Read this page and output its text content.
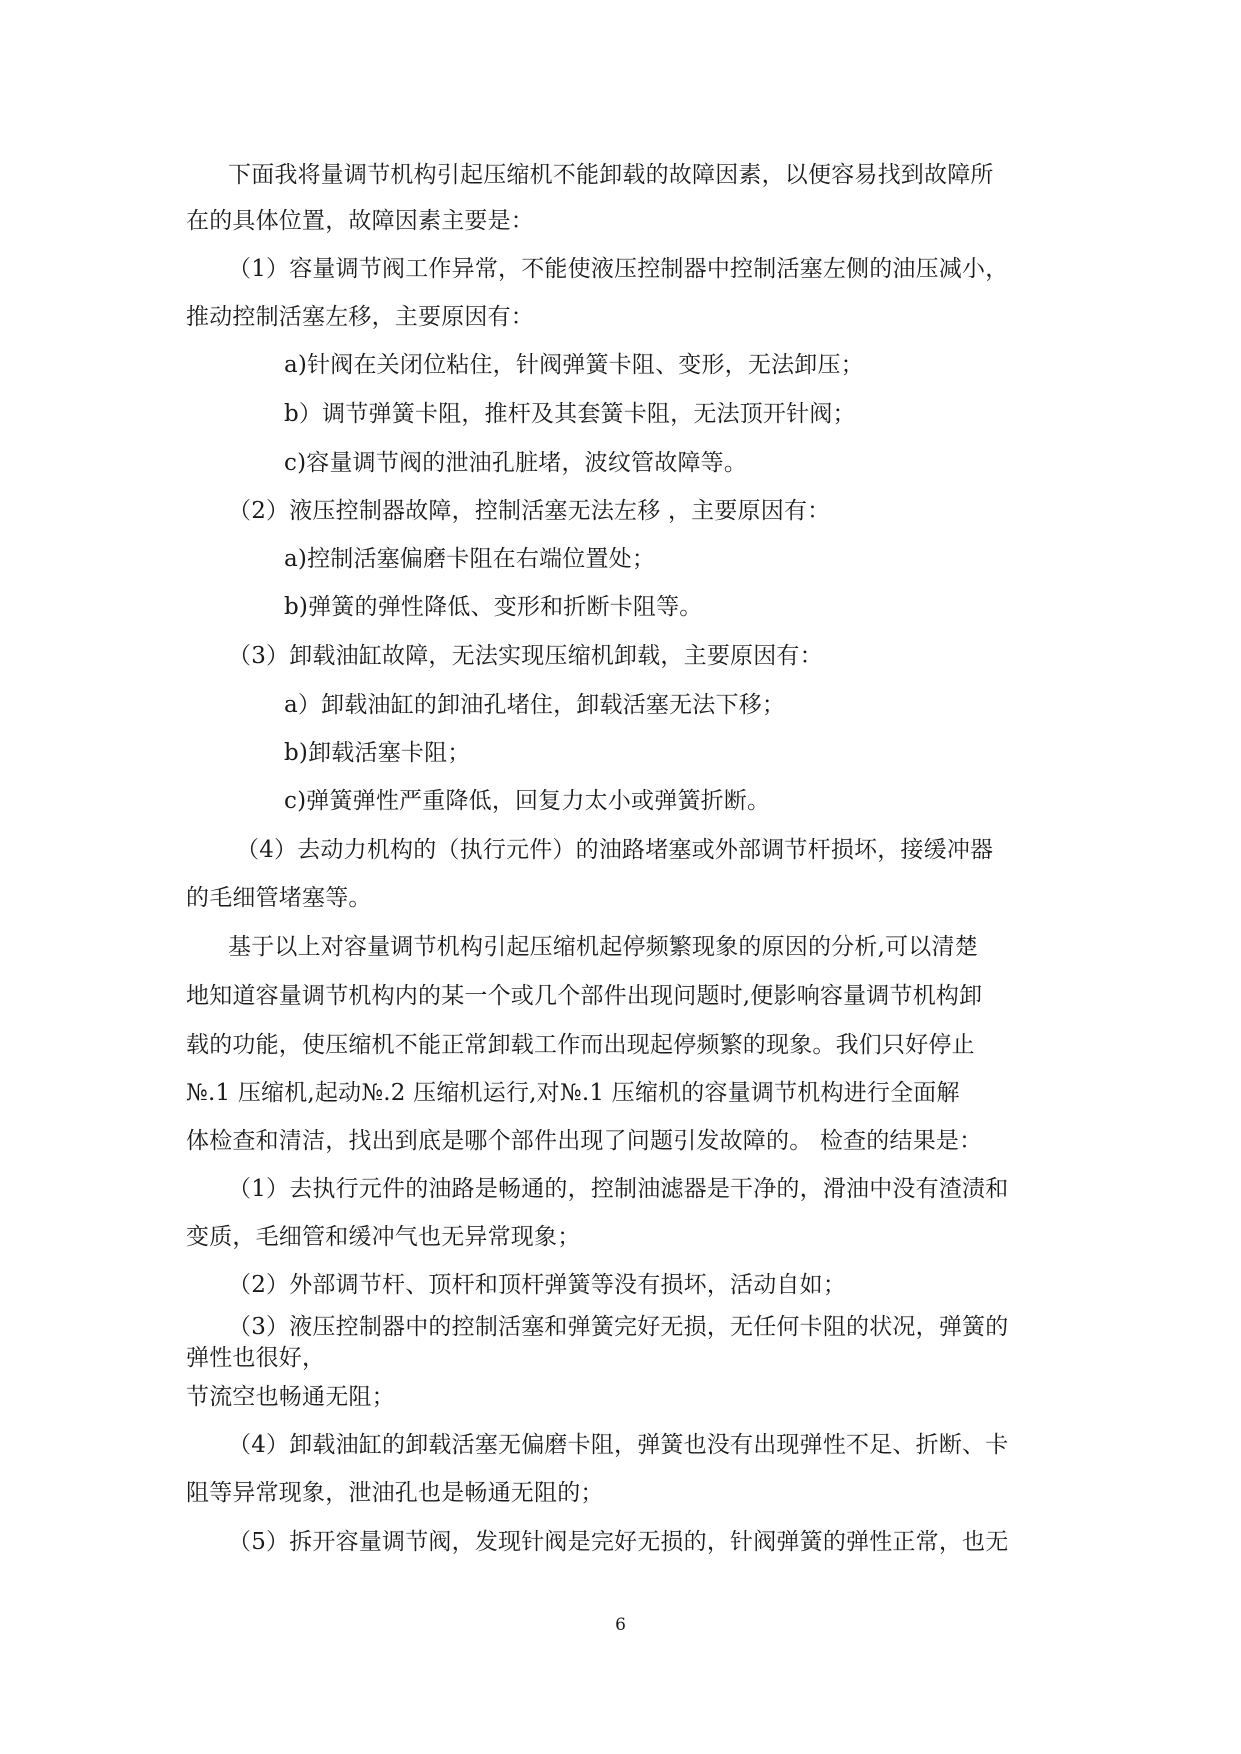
下面我将量调节机构引起压缩机不能卸载的故障因素，以便容易找到故障所
在的具体位置，故障因素主要是：
（1）容量调节阀工作异常，不能使液压控制器中控制活塞左侧的油压减小，
推动控制活塞左移，主要原因有：
a)针阀在关闭位粘住，针阀弹簧卡阻、变形，无法卸压；
b）调节弹簧卡阻，推杆及其套簧卡阻，无法顶开针阀；
c)容量调节阀的泄油孔脏堵，波纹管故障等。
（2）液压控制器故障，控制活塞无法左移 ，主要原因有：
a)控制活塞偏磨卡阻在右端位置处；
b)弹簧的弹性降低、变形和折断卡阻等。
（3）卸载油缸故障，无法实现压缩机卸载，主要原因有：
a）卸载油缸的卸油孔堵住，卸载活塞无法下移；
b)卸载活塞卡阻；
c)弹簧弹性严重降低，回复力太小或弹簧折断。
（4）去动力机构的（执行元件）的油路堵塞或外部调节杆损坏，接缓冲器
的毛细管堵塞等。
基于以上对容量调节机构引起压缩机起停频繁现象的原因的分析,可以清楚
地知道容量调节机构内的某一个或几个部件出现问题时,便影响容量调节机构卸
载的功能，使压缩机不能正常卸载工作而出现起停频繁的现象。我们只好停止
№.1 压缩机,起动№.2 压缩机运行,对№.1 压缩机的容量调节机构进行全面解
体检查和清洁，找出到底是哪个部件出现了问题引发故障的。 检查的结果是：
（1）去执行元件的油路是畅通的，控制油滤器是干净的，滑油中没有渣渍和
变质，毛细管和缓冲气也无异常现象；
（2）外部调节杆、顶杆和顶杆弹簧等没有损坏，活动自如；
（3）液压控制器中的控制活塞和弹簧完好无损，无任何卡阻的状况，弹簧的
弹性也很好，
节流空也畅通无阻；
（4）卸载油缸的卸载活塞无偏磨卡阻，弹簧也没有出现弹性不足、折断、卡
阻等异常现象，泄油孔也是畅通无阻的；
（5）拆开容量调节阀，发现针阀是完好无损的，针阀弹簧的弹性正常，也无
6
